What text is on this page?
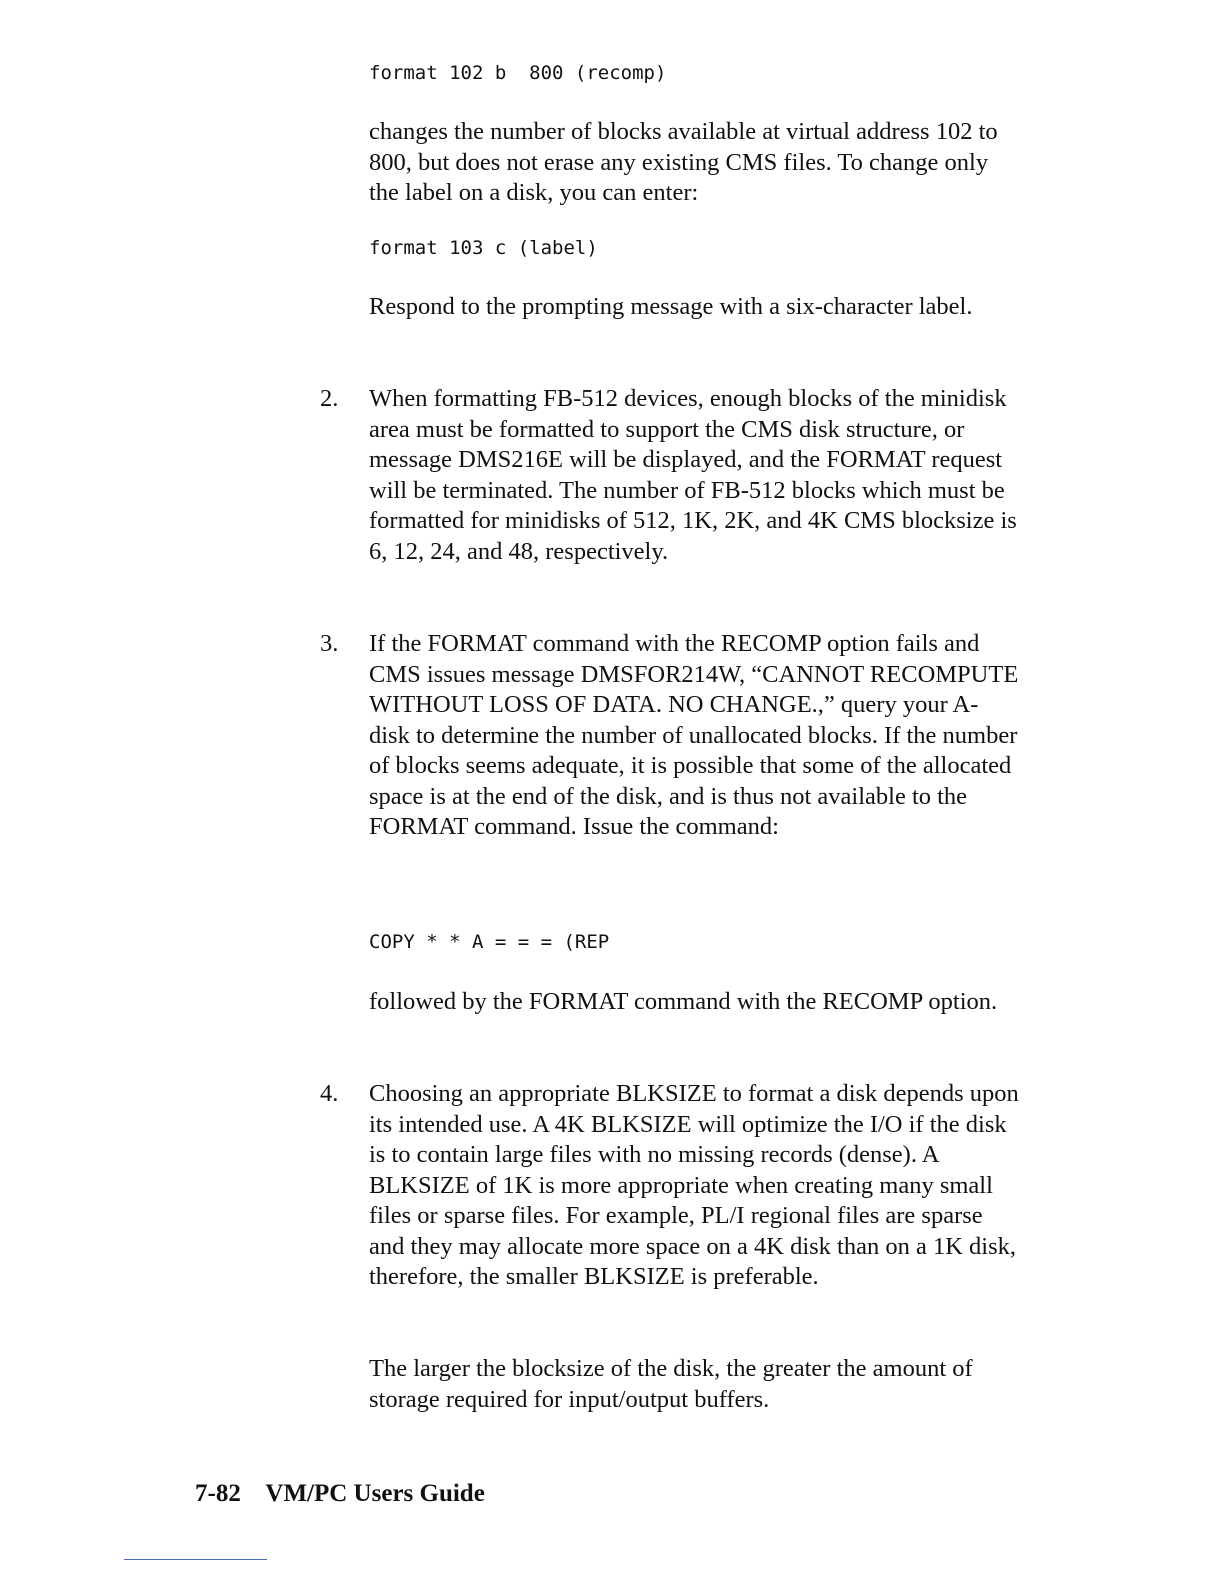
format 102 b  800 (recomp)

changes the number of blocks available at virtual address 102 to 800, but does not erase any existing CMS files. To change only the label on a disk, you can enter:

format 103 c (label)

Respond to the prompting message with a six-character label.

2. When formatting FB-512 devices, enough blocks of the minidisk area must be formatted to support the CMS disk structure, or message DMS216E will be displayed, and the FORMAT request will be terminated. The number of FB-512 blocks which must be formatted for minidisks of 512, 1K, 2K, and 4K CMS blocksize is 6, 12, 24, and 48, respectively.

3. If the FORMAT command with the RECOMP option fails and CMS issues message DMSFOR214W, “CANNOT RECOMPUTE WITHOUT LOSS OF DATA. NO CHANGE.,” query your A-disk to determine the number of unallocated blocks. If the number of blocks seems adequate, it is possible that some of the allocated space is at the end of the disk, and is thus not available to the FORMAT command. Issue the command:

COPY * * A = = = (REP

followed by the FORMAT command with the RECOMP option.

4. Choosing an appropriate BLKSIZE to format a disk depends upon its intended use. A 4K BLKSIZE will optimize the I/O if the disk is to contain large files with no missing records (dense). A BLKSIZE of 1K is more appropriate when creating many small files or sparse files. For example, PL/I regional files are sparse and they may allocate more space on a 4K disk than on a 1K disk, therefore, the smaller BLKSIZE is preferable.

The larger the blocksize of the disk, the greater the amount of storage required for input/output buffers.

7-82 VM/PC Users Guide
